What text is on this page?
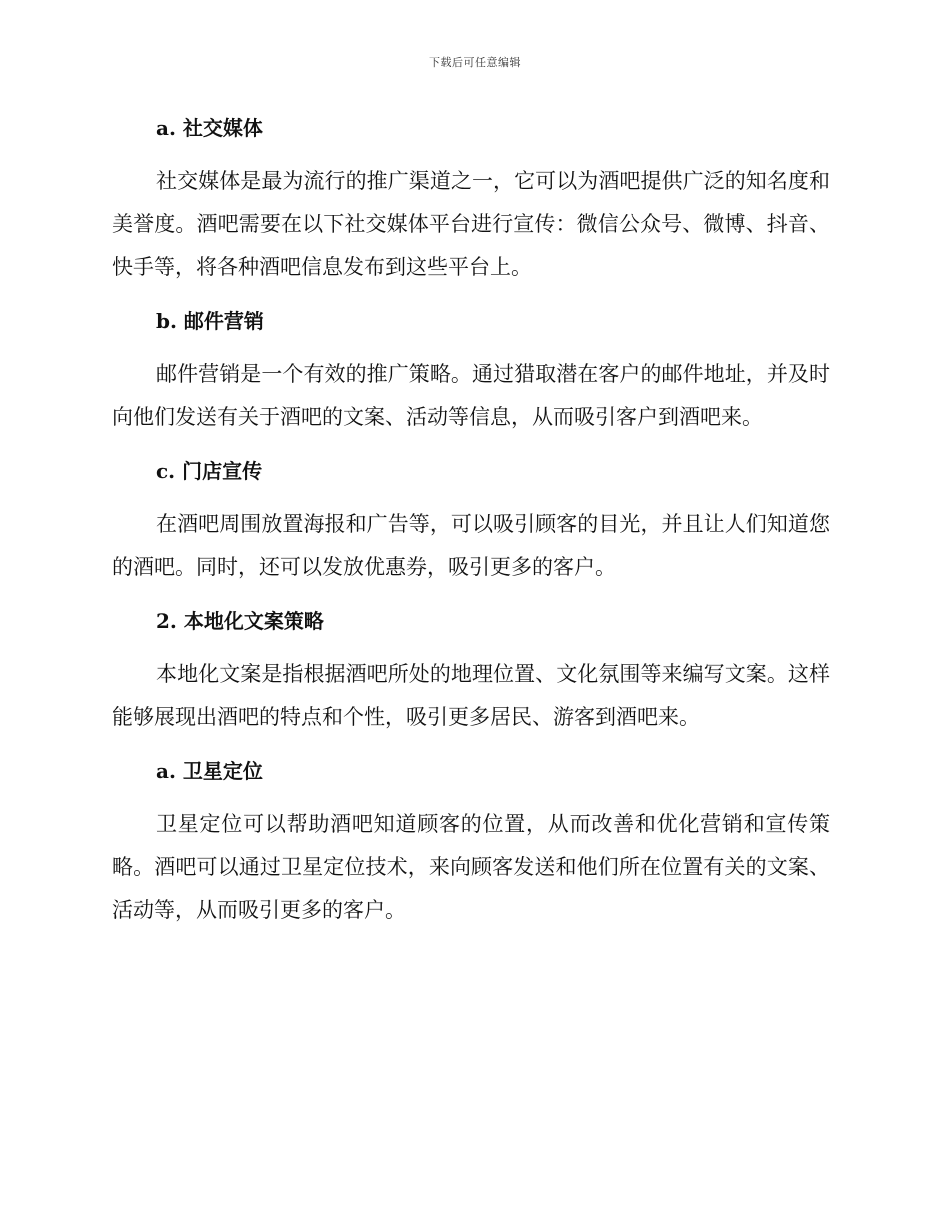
下载后可任意编辑
a. 社交媒体

社交媒体是最为流行的推广渠道之一，它可以为酒吧提供广泛的知名度和美誉度。酒吧需要在以下社交媒体平台进行宣传：微信公众号、微博、抖音、快手等，将各种酒吧信息发布到这些平台上。

b. 邮件营销

邮件营销是一个有效的推广策略。通过猎取潜在客户的邮件地址，并及时向他们发送有关于酒吧的文案、活动等信息，从而吸引客户到酒吧来。

c. 门店宣传

在酒吧周围放置海报和广告等，可以吸引顾客的目光，并且让人们知道您的酒吧。同时，还可以发放优惠券，吸引更多的客户。

2. 本地化文案策略

本地化文案是指根据酒吧所处的地理位置、文化氛围等来编写文案。这样能够展现出酒吧的特点和个性，吸引更多居民、游客到酒吧来。

a. 卫星定位

卫星定位可以帮助酒吧知道顾客的位置，从而改善和优化营销和宣传策略。酒吧可以通过卫星定位技术，来向顾客发送和他们所在位置有关的文案、活动等，从而吸引更多的客户。
